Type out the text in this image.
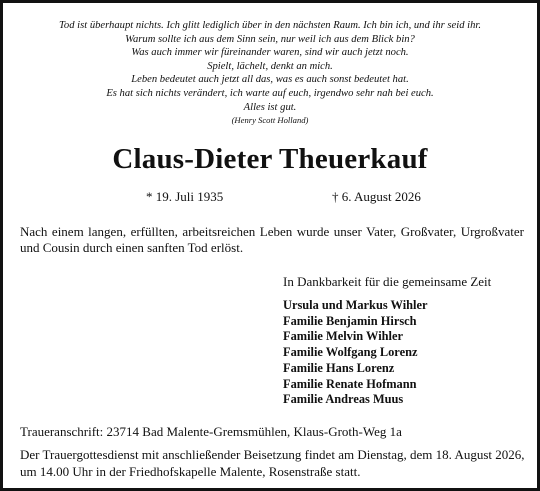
Tod ist überhaupt nichts. Ich glitt lediglich über in den nächsten Raum. Ich bin ich, und ihr seid ihr.
Warum sollte ich aus dem Sinn sein, nur weil ich aus dem Blick bin?
Was auch immer wir füreinander waren, sind wir auch jetzt noch.
Spielt, lächelt, denkt an mich.
Leben bedeutet auch jetzt all das, was es auch sonst bedeutet hat.
Es hat sich nichts verändert, ich warte auf euch, irgendwo sehr nah bei euch.
Alles ist gut.
(Henry Scott Holland)
Claus-Dieter Theuerkauf
* 19. Juli 1935	† 6. August 2026
Nach einem langen, erfüllten, arbeitsreichen Leben wurde unser Vater, Großvater, Urgroßvater und Cousin durch einen sanften Tod erlöst.
In Dankbarkeit für die gemeinsame Zeit
Ursula und Markus Wihler
Familie Benjamin Hirsch
Familie Melvin Wihler
Familie Wolfgang Lorenz
Familie Hans Lorenz
Familie Renate Hofmann
Familie Andreas Muus
Traueranschrift: 23714 Bad Malente-Gremsmühlen, Klaus-Groth-Weg 1a
Der Trauergottesdienst mit anschließender Beisetzung findet am Dienstag, dem 18. August 2026, um 14.00 Uhr in der Friedhofskapelle Malente, Rosenstraße statt.
